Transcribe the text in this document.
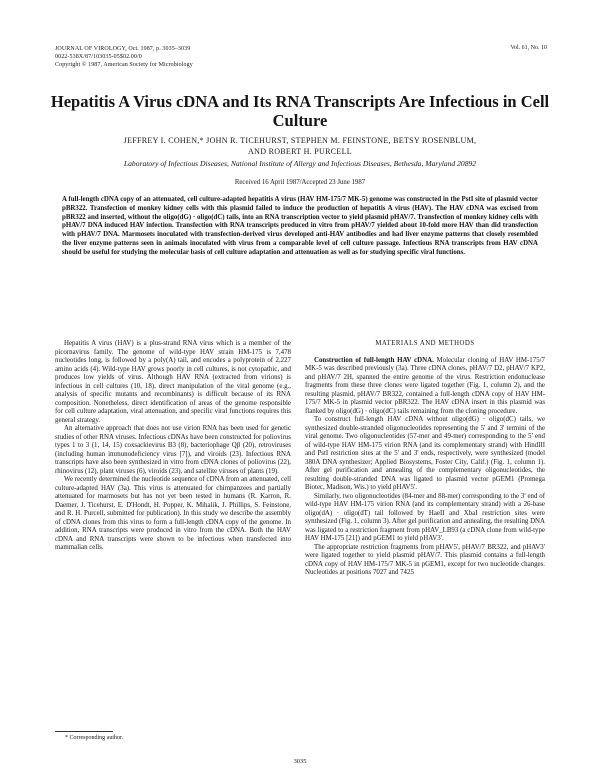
JOURNAL OF VIROLOGY, Oct. 1987, p. 3035–3039
0022-538X/87/103035-05$02.00/0
Copyright © 1987, American Society for Microbiology
Vol. 61, No. 10
Hepatitis A Virus cDNA and Its RNA Transcripts Are Infectious in Cell Culture
JEFFREY I. COHEN,* JOHN R. TICEHURST, STEPHEN M. FEINSTONE, BETSY ROSENBLUM,
AND ROBERT H. PURCELL
Laboratory of Infectious Diseases, National Institute of Allergy and Infectious Diseases, Bethesda, Maryland 20892
Received 16 April 1987/Accepted 23 June 1987
A full-length cDNA copy of an attenuated, cell culture-adapted hepatitis A virus (HAV HM-175/7 MK-5) genome was constructed in the PstI site of plasmid vector pBR322. Transfection of monkey kidney cells with this plasmid failed to induce the production of hepatitis A virus (HAV). The HAV cDNA was excised from pBR322 and inserted, without the oligo(dG) · oligo(dC) tails, into an RNA transcription vector to yield plasmid pHAV/7. Transfection of monkey kidney cells with pHAV/7 DNA induced HAV infection. Transfection with RNA transcripts produced in vitro from pHAV/7 yielded about 10-fold more HAV than did transfection with pHAV/7 DNA. Marmosets inoculated with transfection-derived virus developed anti-HAV antibodies and had liver enzyme patterns that closely resembled the liver enzyme patterns seen in animals inoculated with virus from a comparable level of cell culture passage. Infectious RNA transcripts from HAV cDNA should be useful for studying the molecular basis of cell culture adaptation and attenuation as well as for studying specific viral functions.

Hepatitis A virus (HAV) is a plus-strand RNA virus which is a member of the picornavirus family. The genome of wild-type HAV strain HM-175 is 7,478 nucleotides long, is followed by a poly(A) tail, and encodes a polyprotein of 2,227 amino acids (4). Wild-type HAV grows poorly in cell cultures, is not cytopathic, and produces low yields of virus. Although HAV RNA (extracted from virions) is infectious in cell cultures (10, 18), direct manipulation of the viral genome (e.g., analysis of specific mutants and recombinants) is difficult because of its RNA composition. Nonetheless, direct identification of areas of the genome responsible for cell culture adaptation, viral attenuation, and specific viral functions requires this general strategy.

An alternative approach that does not use virion RNA has been used for genetic studies of other RNA viruses. Infectious cDNAs have been constructed for poliovirus types 1 to 3 (1, 14, 15) coxsackievirus B3 (8), bacteriophage Qβ (20), retroviruses (including human immunodeficiency virus [7]), and viroids (23). Infectious RNA transcripts have also been synthesized in vitro from cDNA clones of poliovirus (22), rhinovirus (12), plant viruses (6), viroids (23), and satellite viruses of plants (19).

We recently determined the nucleotide sequence of cDNA from an attenuated, cell culture-adapted HAV (3a). This virus is attenuated for chimpanzees and partially attenuated for marmosets but has not yet been tested in humans (R. Karron, R. Daemer, J. Ticehurst, E. D'Hondt, H. Popper, K. Mihalik, J. Phillips, S. Feinstone, and R. H. Purcell, submitted for publication). In this study we describe the assembly of cDNA clones from this virus to form a full-length cDNA copy of the genome. In addition, RNA transcripts were produced in vitro from the cDNA. Both the HAV cDNA and RNA transcripts were shown to be infectious when transfected into mammalian cells.

MATERIALS AND METHODS

Construction of full-length HAV cDNA. Molecular cloning of HAV HM-175/7 MK-5 was described previously (3a). Three cDNA clones, pHAV/7 D2, pHAV/7 KP2, and pHAV/7 2H, spanned the entire genome of the virus. Restriction endonuclease fragments from these three clones were ligated together (Fig. 1, column 2), and the resulting plasmid, pHAV/7 BR322, contained a full-length cDNA copy of HAV HM-175/7 MK-5 in plasmid vector pBR322. The HAV cDNA insert in this plasmid was flanked by oligo(dG) · oligo(dC) tails remaining from the cloning procedure.

To construct full-length HAV cDNA without oligo(dG) · oligo(dC) tails, we synthesized double-stranded oligonucleotides representing the 5' and 3' termini of the viral genome. Two oligonucleotides (57-mer and 49-mer) corresponding to the 5' end of wild-type HAV HM-175 virion RNA (and its complementary strand) with HindIII and PstI restriction sites at the 5' and 3' ends, respectively, were synthesized (model 380A DNA synthesizer; Applied Biosystems, Foster City, Calif.) (Fig. 1, column 1). After gel purification and annealing of the complementary oligonucleotides, the resulting double-stranded DNA was ligated to plasmid vector pGEM1 (Promega Biotec, Madison, Wis.) to yield pHAV5'.

Similarly, two oligonucleotides (84-mer and 88-mer) corresponding to the 3' end of wild-type HAV HM-175 virion RNA (and its complementary strand) with a 26-base oligo(dA) · oligo(dT) tail followed by HaeII and XbaI restriction sites were synthesized (Fig. 1, column 3). After gel purification and annealing, the resulting DNA was ligated to a restriction fragment from pHAV_LB93 (a cDNA clone from wild-type HAV HM-175 [21]) and pGEM1 to yield pHAV3'.

The appropriate restriction fragments from pHAV5', pHAV/7 BR322, and pHAV3' were ligated together to yield plasmid pHAV/7. This plasmid contains a full-length cDNA copy of HAV HM-175/7 MK-5 in pGEM1, except for two nucleotide changes. Nucleotides at positions 7027 and 7425

* Corresponding author.
3035
